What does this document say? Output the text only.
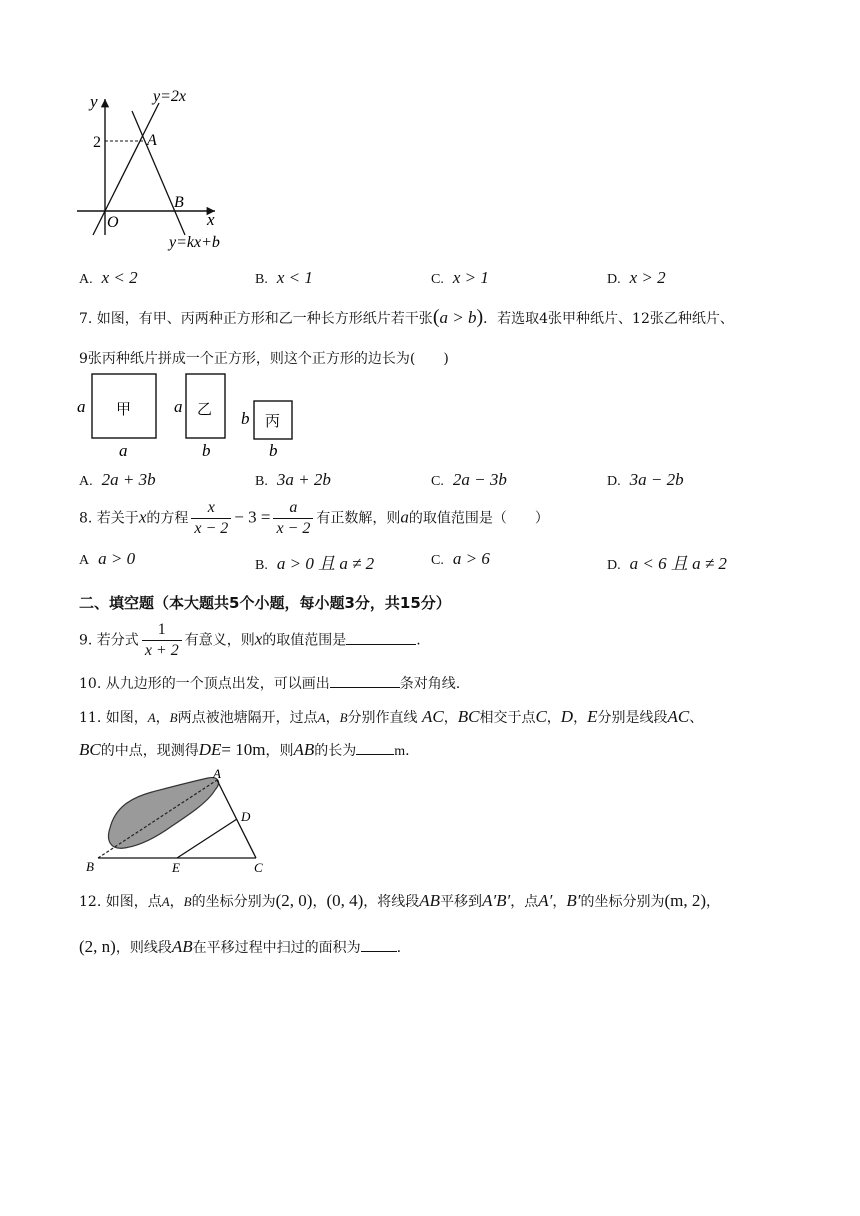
y
x
y=2x
y=kx+b
2	A
B
O
A. x < 2	B. x < 1	C. x > 1	D. x > 2
7. 如图，有甲、丙两种正方形和乙一种长方形纸片若干张(a > b)．若选取4张甲种纸片、12张乙种纸片、
9张丙种纸片拼成一个正方形，则这个正方形的边长为(　　)
甲
a
a
乙
a
b
丙
b
b
A. 2a + 3b	B. 3a + 2b	C. 2a − 3b	D. 3a − 2b
8. 若关于x的方程 $\frac{x}{x - 2} - 3 = \frac{a}{x - 2}$ 有正数解，则a的取值范围是（　　）
A a > 0	B. a > 0 且 a ≠ 2	C. a > 6	D. a < 6 且 a ≠ 2
二、填空题（本大题共5个小题，每小题3分，共15分）
9. 若分式 $\frac{1}{x + 2}$ 有意义，则x的取值范围是	.
10. 从九边形的一个顶点出发，可以画出	条对角线.
11. 如图，A，B两点被池塘隔开，过点A，B分别作直线 AC，BC相交于点C，D，E分别是线段AC、
BC的中点，现测得DE= 10m，则AB的长为	m.
A
B	C
D
E
12. 如图，点A，B的坐标分别为(2, 0)，(0, 4)，将线段AB平移到A′B′，点A′，B′的坐标分别为(m, 2)，
(2, n)，则线段AB在平移过程中扫过的面积为	.
